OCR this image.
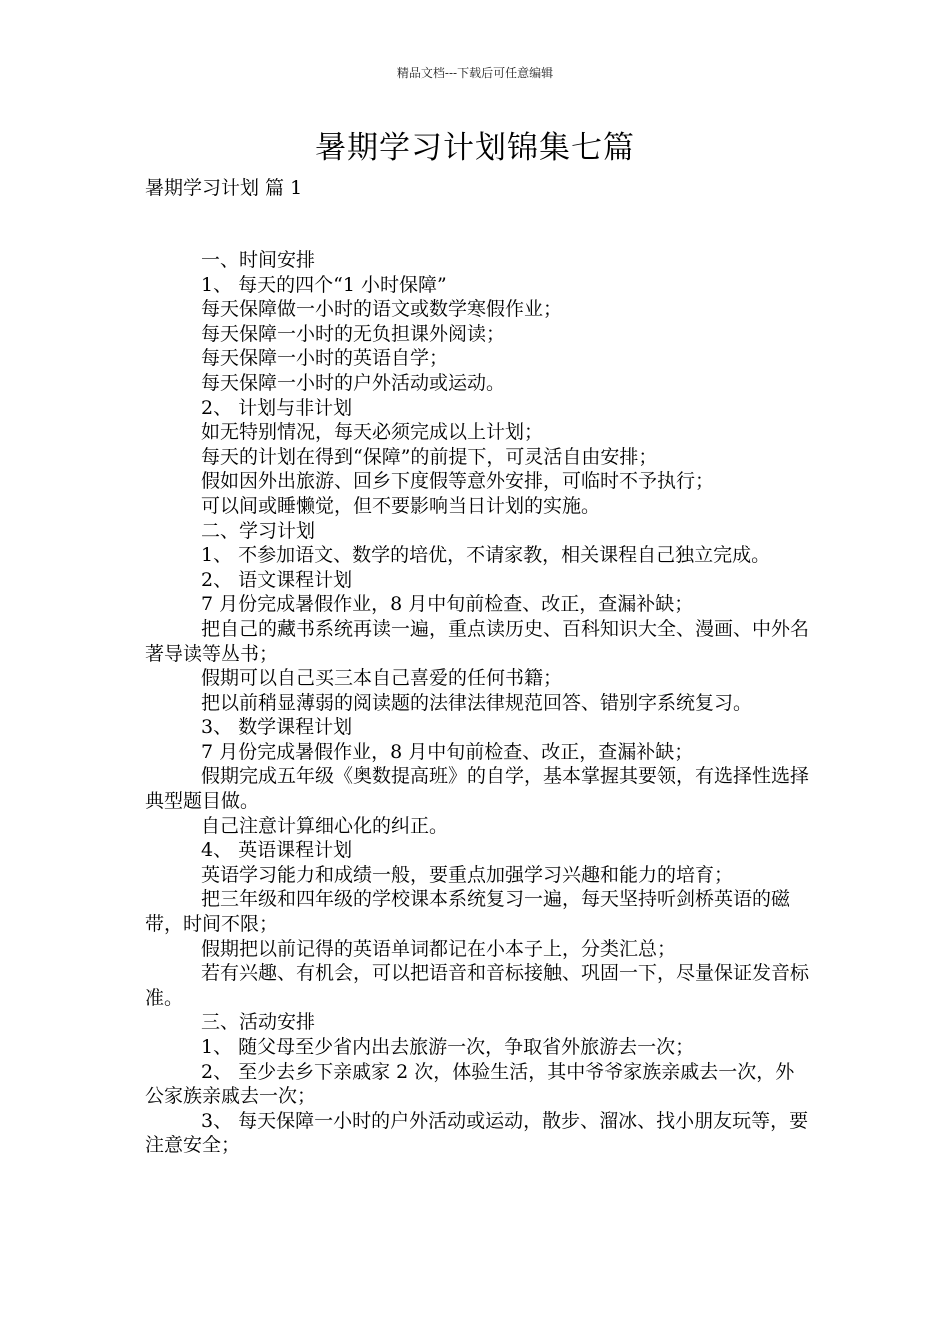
精品文档---下载后可任意编辑
暑期学习计划锦集七篇
暑期学习计划 篇 1

一、时间安排

1、 每天的四个“1 小时保障”

每天保障做一小时的语文或数学寒假作业；

每天保障一小时的无负担课外阅读；

每天保障一小时的英语自学；

每天保障一小时的户外活动或运动。

2、 计划与非计划

如无特别情况，每天必须完成以上计划；

每天的计划在得到“保障”的前提下，可灵活自由安排；

假如因外出旅游、回乡下度假等意外安排，可临时不予执行；

可以间或睡懒觉，但不要影响当日计划的实施。

二、学习计划

1、 不参加语文、数学的培优，不请家教，相关课程自己独立完成。

2、 语文课程计划

7 月份完成暑假作业，8 月中旬前检查、改正，查漏补缺；

把自己的藏书系统再读一遍，重点读历史、百科知识大全、漫画、中外名著导读等丛书；

假期可以自己买三本自己喜爱的任何书籍；

把以前稍显薄弱的阅读题的法律法律规范回答、错别字系统复习。

3、 数学课程计划

7 月份完成暑假作业，8 月中旬前检查、改正，查漏补缺；

假期完成五年级《奥数提高班》的自学，基本掌握其要领，有选择性选择典型题目做。

自己注意计算细心化的纠正。

4、 英语课程计划

英语学习能力和成绩一般，要重点加强学习兴趣和能力的培育；

把三年级和四年级的学校课本系统复习一遍，每天坚持听剑桥英语的磁带，时间不限；

假期把以前记得的英语单词都记在小本子上，分类汇总；

若有兴趣、有机会，可以把语音和音标接触、巩固一下，尽量保证发音标准。

三、活动安排

1、 随父母至少省内出去旅游一次，争取省外旅游去一次；

2、 至少去乡下亲戚家 2 次，体验生活，其中爷爷家族亲戚去一次，外公家族亲戚去一次；

3、 每天保障一小时的户外活动或运动，散步、溜冰、找小朋友玩等，要注意安全；
